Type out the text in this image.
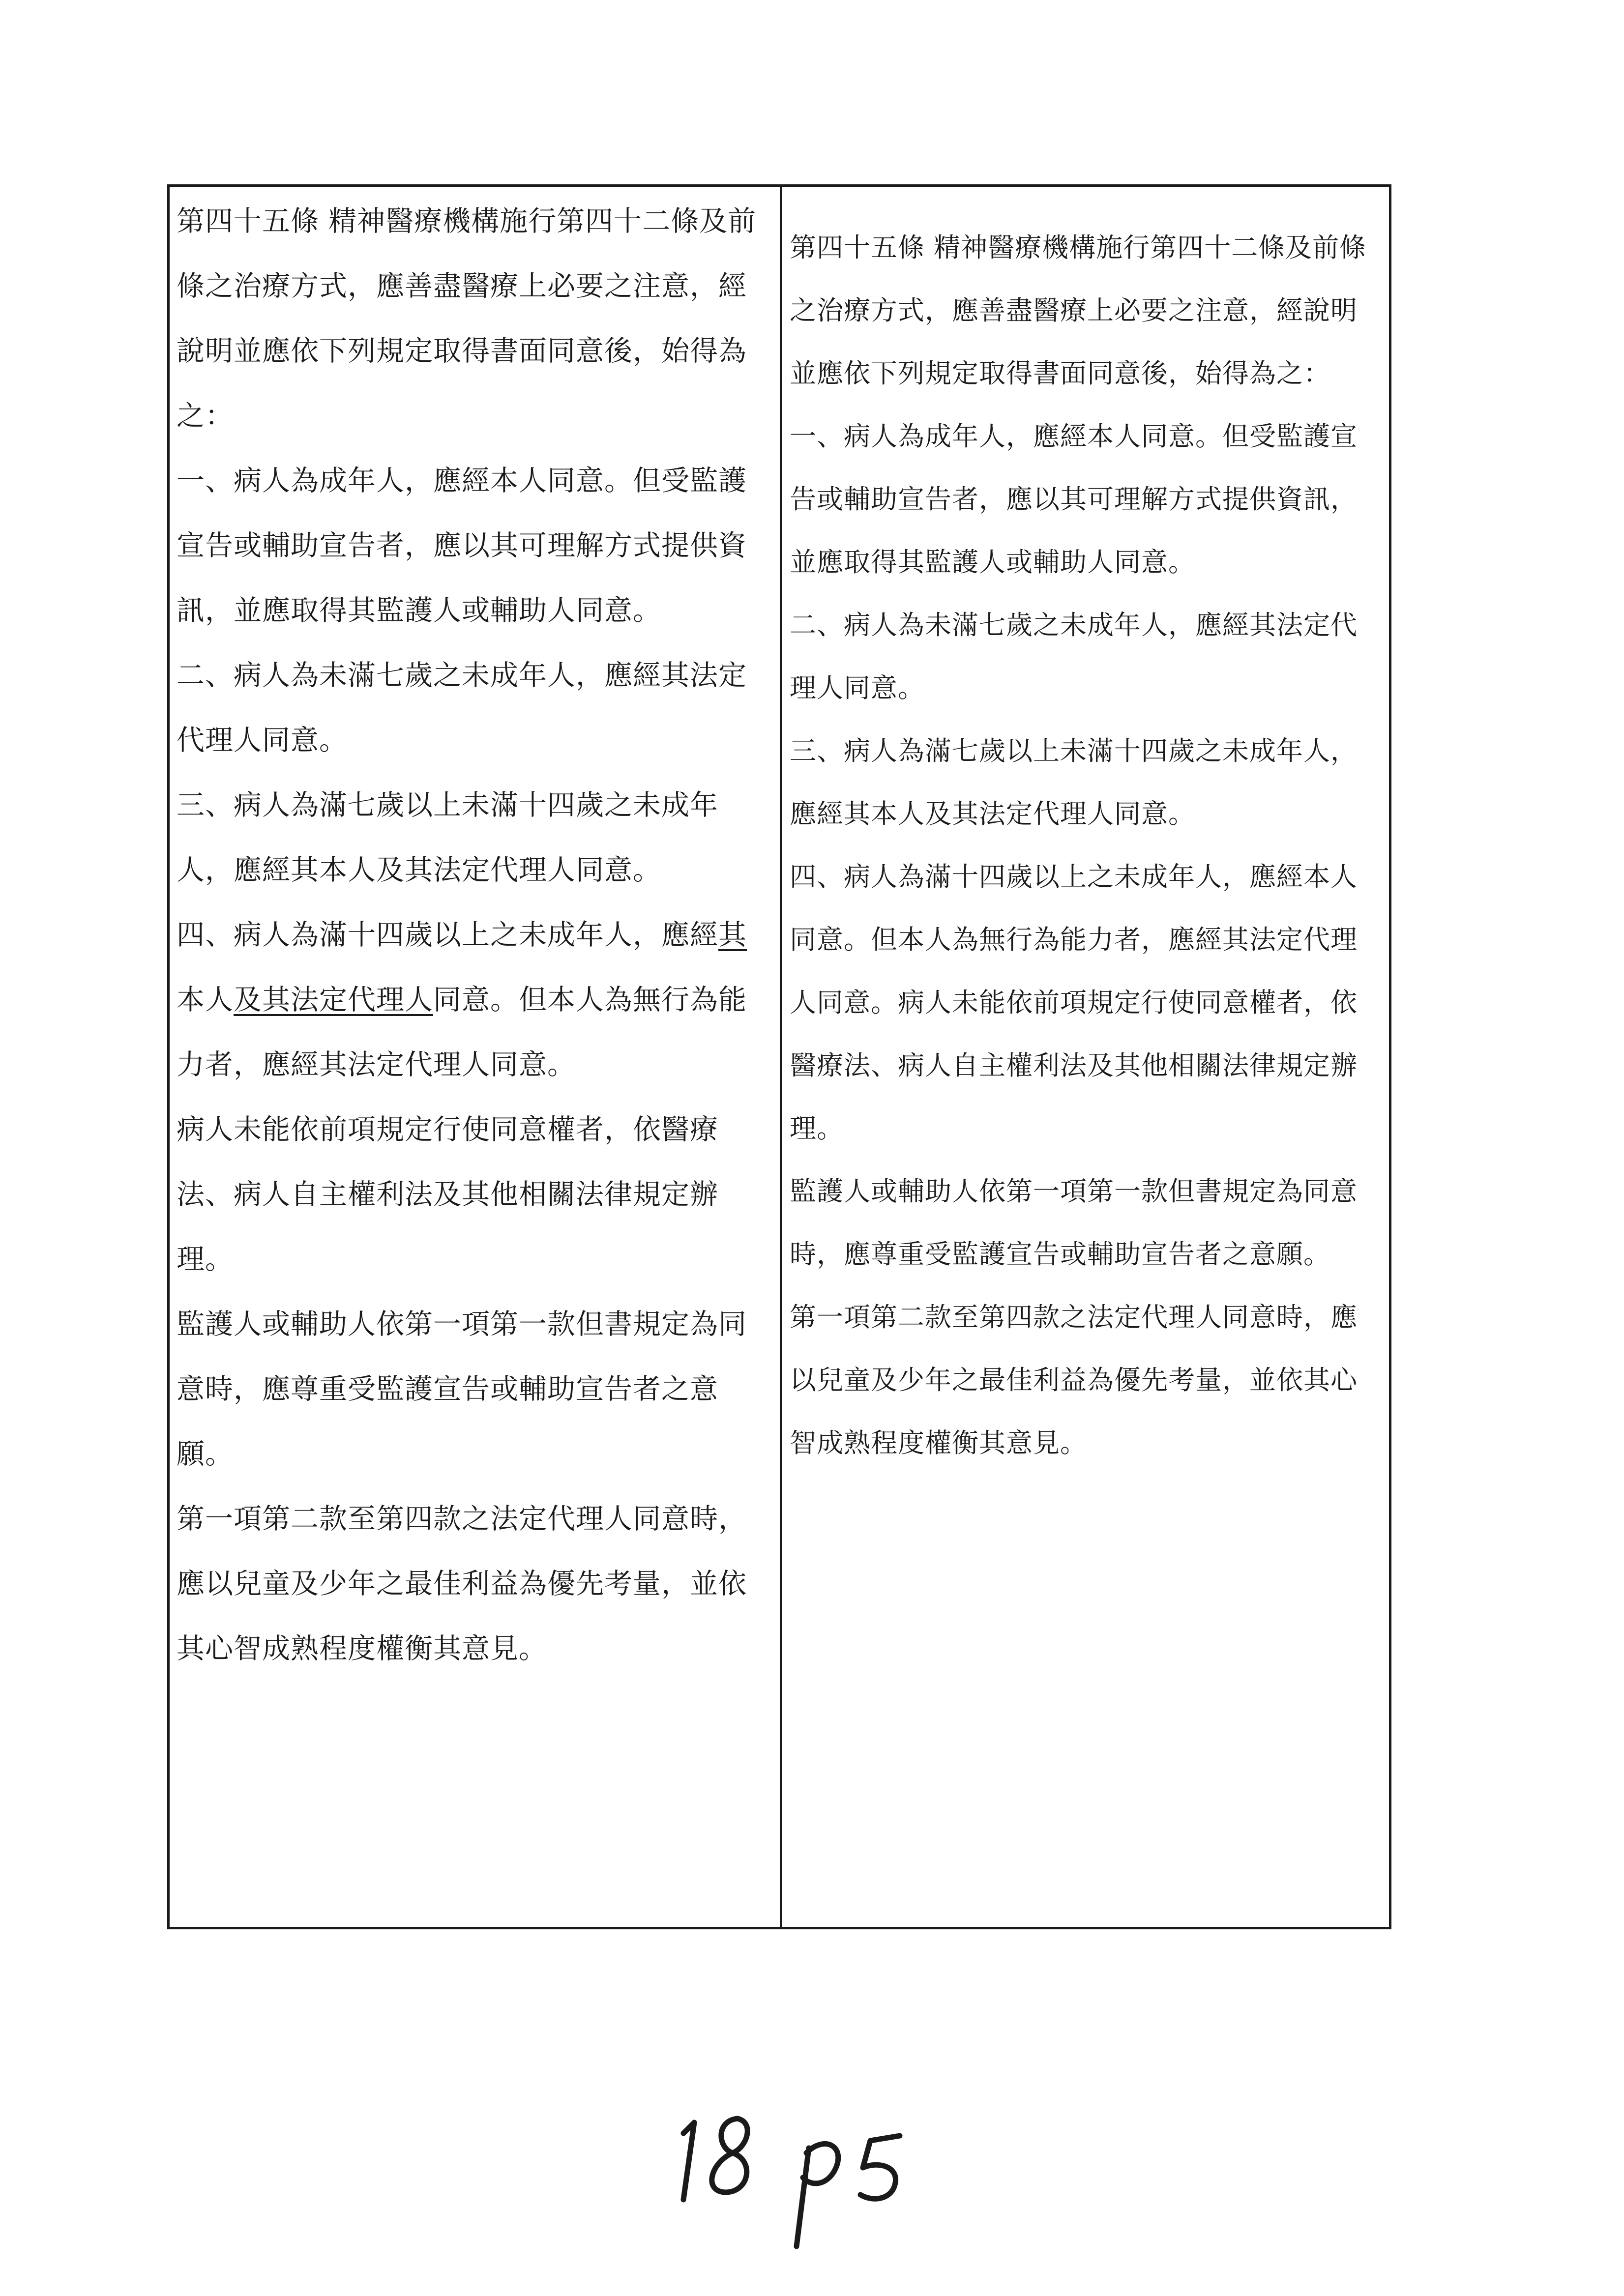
第四十五條 精神醫療機構施行第四十二條及前條之治療方式，應善盡醫療上必要之注意，經說明並應依下列規定取得書面同意後，始得為之：

一、病人為成年人，應經本人同意。但受監護宣告或輔助宣告者，應以其可理解方式提供資訊，並應取得其監護人或輔助人同意。

二、病人為未滿七歲之未成年人，應經其法定代理人同意。

三、病人為滿七歲以上未滿十四歲之未成年人，應經其本人及其法定代理人同意。

四、病人為滿十四歲以上之未成年人，應經其本人及其法定代理人同意。但本人為無行為能力者，應經其法定代理人同意。

病人未能依前項規定行使同意權者，依醫療法、病人自主權利法及其他相關法律規定辦理。

監護人或輔助人依第一項第一款但書規定為同意時，應尊重受監護宣告或輔助宣告者之意願。

第一項第二款至第四款之法定代理人同意時，應以兒童及少年之最佳利益為優先考量，並依其心智成熟程度權衡其意見。

第四十五條 精神醫療機構施行第四十二條及前條之治療方式，應善盡醫療上必要之注意，經說明並應依下列規定取得書面同意後，始得為之：

一、病人為成年人，應經本人同意。但受監護宣告或輔助宣告者，應以其可理解方式提供資訊，並應取得其監護人或輔助人同意。

二、病人為未滿七歲之未成年人，應經其法定代理人同意。

三、病人為滿七歲以上未滿十四歲之未成年人，應經其本人及其法定代理人同意。

四、病人為滿十四歲以上之未成年人，應經本人同意。但本人為無行為能力者，應經其法定代理人同意。病人未能依前項規定行使同意權者，依醫療法、病人自主權利法及其他相關法律規定辦理。

監護人或輔助人依第一項第一款但書規定為同意時，應尊重受監護宣告或輔助宣告者之意願。

第一項第二款至第四款之法定代理人同意時，應以兒童及少年之最佳利益為優先考量，並依其心智成熟程度權衡其意見。
